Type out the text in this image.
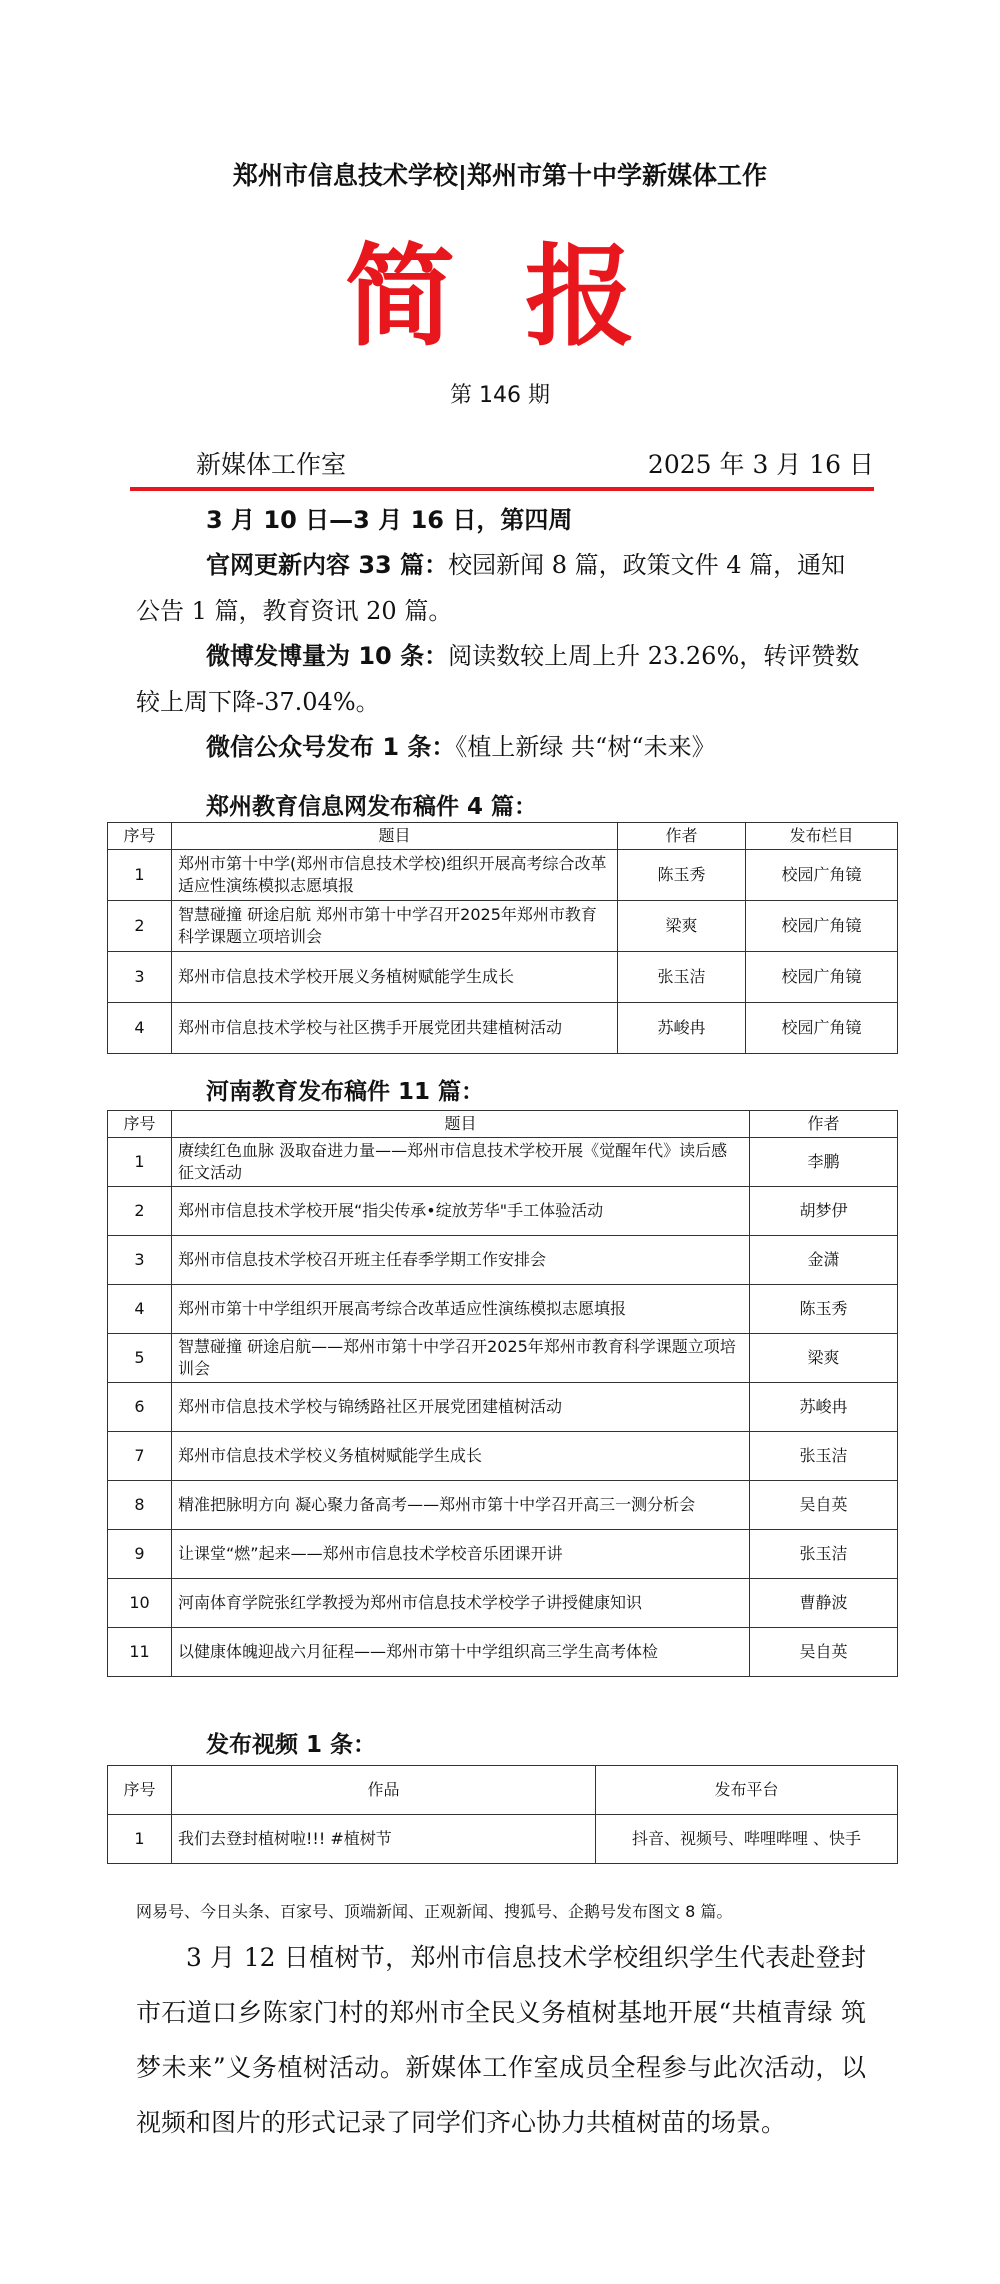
郑州市信息技术学校|郑州市第十中学新媒体工作
简报
第 146 期
新媒体工作室	2025 年 3 月 16 日
3 月 10 日—3 月 16 日，第四周
官网更新内容 33 篇：校园新闻 8 篇，政策文件 4 篇，通知公告 1 篇，教育资讯 20 篇。
微博发博量为 10 条：阅读数较上周上升 23.26%，转评赞数较上周下降-37.04%。
微信公众号发布 1 条：《植上新绿 共“树“未来》
郑州教育信息网发布稿件 4 篇：
序号	题目	作者	发布栏目
1	郑州市第十中学(郑州市信息技术学校)组织开展高考综合改革适应性演练模拟志愿填报	陈玉秀	校园广角镜
2	智慧碰撞 研途启航 郑州市第十中学召开2025年郑州市教育科学课题立项培训会	梁爽	校园广角镜
3	郑州市信息技术学校开展义务植树赋能学生成长	张玉洁	校园广角镜
4	郑州市信息技术学校与社区携手开展党团共建植树活动	苏峻冉	校园广角镜
河南教育发布稿件 11 篇：
序号	题目	作者
1	赓续红色血脉 汲取奋进力量——郑州市信息技术学校开展《觉醒年代》读后感征文活动	李鹏
2	郑州市信息技术学校开展“指尖传承•绽放芳华"手工体验活动	胡梦伊
3	郑州市信息技术学校召开班主任春季学期工作安排会	金潇
4	郑州市第十中学组织开展高考综合改革适应性演练模拟志愿填报	陈玉秀
5	智慧碰撞 研途启航——郑州市第十中学召开2025年郑州市教育科学课题立项培训会	梁爽
6	郑州市信息技术学校与锦绣路社区开展党团建植树活动	苏峻冉
7	郑州市信息技术学校义务植树赋能学生成长	张玉洁
8	精准把脉明方向 凝心聚力备高考——郑州市第十中学召开高三一测分析会	吴自英
9	让课堂“燃”起来——郑州市信息技术学校音乐团课开讲	张玉洁
10	河南体育学院张红学教授为郑州市信息技术学校学子讲授健康知识	曹静波
11	以健康体魄迎战六月征程——郑州市第十中学组织高三学生高考体检	吴自英
发布视频 1 条：
序号	作品	发布平台
1	我们去登封植树啦!!! #植树节	抖音、视频号、哔哩哔哩 、快手
网易号、今日头条、百家号、顶端新闻、正观新闻、搜狐号、企鹅号发布图文 8 篇。
3 月 12 日植树节，郑州市信息技术学校组织学生代表赴登封市石道口乡陈家门村的郑州市全民义务植树基地开展“共植青绿 筑梦未来”义务植树活动。新媒体工作室成员全程参与此次活动，以视频和图片的形式记录了同学们齐心协力共植树苗的场景。
